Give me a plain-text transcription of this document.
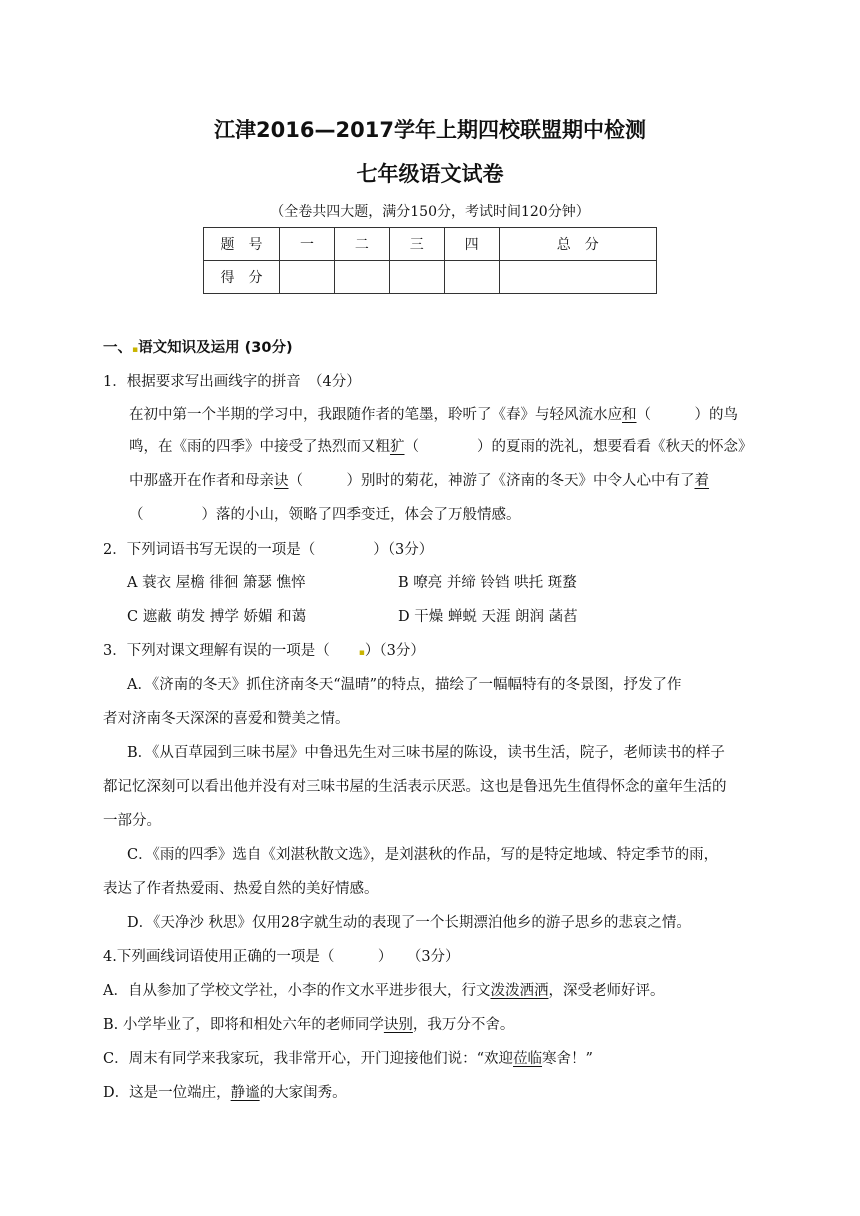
江津2016—2017学年上期四校联盟期中检测
七年级语文试卷
（全卷共四大题，满分150分，考试时间120分钟）
题　号	一	二	三	四	总　分
得　分					
一、▪语文知识及运用 (30分)
1．根据要求写出画线字的拼音　（4分）
在初中第一个半期的学习中，我跟随作者的笔墨，聆听了《春》与轻风流水应和（　　　）的鸟
鸣，在《雨的四季》中接受了热烈而又粗犷（　　　　）的夏雨的洗礼，想要看看《秋天的怀念》
中那盛开在作者和母亲诀（　　　）别时的菊花，神游了《济南的冬天》中令人心中有了着
（　　　　）落的小山，领略了四季变迁，体会了万般情感。
2．下列词语书写无误的一项是（　　　　）（3分）
A 蓑衣 屋檐 徘徊 箫瑟 憔悴	B 嘹亮 并缔 铃铛 哄托 斑蝥
C 遮蔽 萌发 搏学 娇媚 和蔼	D 干燥 蝉蜕 天涯 朗润 菡萏
3．下列对课文理解有误的一项是（　　▪）（3分）
A．《济南的冬天》抓住济南冬天“温晴”的特点，描绘了一幅幅特有的冬景图，抒发了作
者对济南冬天深深的喜爱和赞美之情。
B．《从百草园到三味书屋》中鲁迅先生对三味书屋的陈设，读书生活，院子，老师读书的样子
都记忆深刻可以看出他并没有对三味书屋的生活表示厌恶。这也是鲁迅先生值得怀念的童年生活的
一部分。
C．《雨的四季》选自《刘湛秋散文选》，是刘湛秋的作品，写的是特定地域、特定季节的雨，
表达了作者热爱雨、热爱自然的美好情感。
D．《天净沙 秋思》仅用28字就生动的表现了一个长期漂泊他乡的游子思乡的悲哀之情。
4.下列画线词语使用正确的一项是（　　　）　　（3分）
A．自从参加了学校文学社，小李的作文水平进步很大，行文泼泼洒洒，深受老师好评。
B. 小学毕业了，即将和相处六年的老师同学诀别，我万分不舍。
C．周末有同学来我家玩，我非常开心，开门迎接他们说：“欢迎莅临寒舍！”
D．这是一位端庄，静谧的大家闺秀。
